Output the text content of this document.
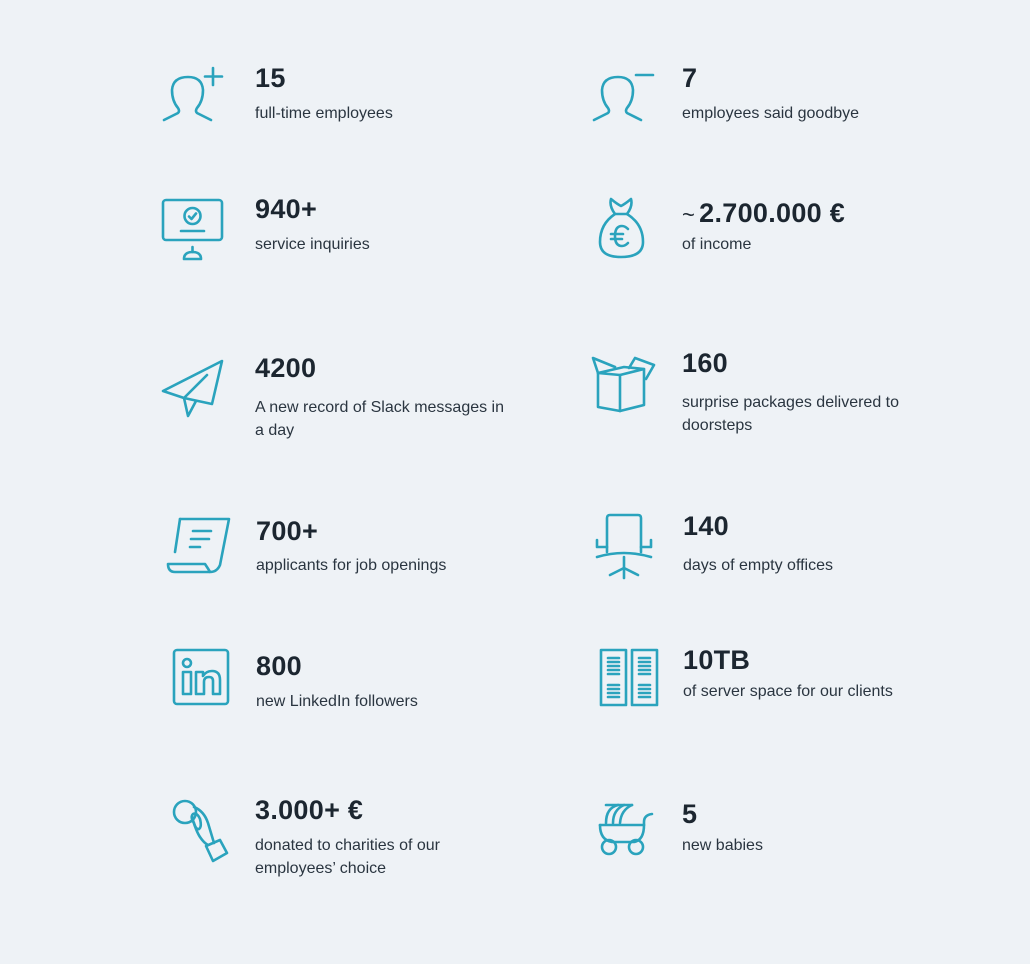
15
full-time employees
7
employees said goodbye
940+
service inquiries
~ 2.700.000 €
of income
4200
A new record of Slack messages in a day
160
surprise packages delivered to doorsteps
700+
applicants for job openings
140
days of empty offices
800
new LinkedIn followers
10TB
of server space for our clients
3.000+ €
donated to charities of our employees’ choice
5
new babies
